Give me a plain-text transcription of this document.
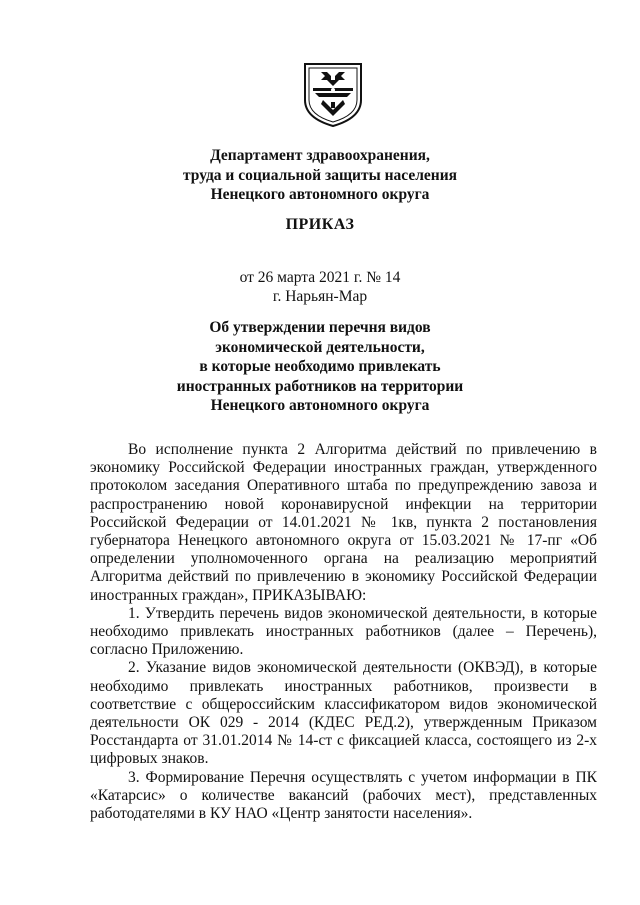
Департамент здравоохранения,
труда и социальной защиты населения
Ненецкого автономного округа
ПРИКАЗ
от 26 марта 2021 г. № 14
г. Нарьян-Мар
Об утверждении перечня видов
экономической деятельности,
в которые необходимо привлекать
иностранных работников на территории
Ненецкого автономного округа

Во исполнение пункта 2 Алгоритма действий по привлечению в экономику Российской Федерации иностранных граждан, утвержденного протоколом заседания Оперативного штаба по предупреждению завоза и распространению новой коронавирусной инфекции на территории Российской Федерации от 14.01.2021 № 1кв, пункта 2 постановления губернатора Ненецкого автономного округа от 15.03.2021 № 17-пг «Об определении уполномоченного органа на реализацию мероприятий Алгоритма действий по привлечению в экономику Российской Федерации иностранных граждан», ПРИКАЗЫВАЮ:

1. Утвердить перечень видов экономической деятельности, в которые необходимо привлекать иностранных работников (далее – Перечень), согласно Приложению.

2. Указание видов экономической деятельности (ОКВЭД), в которые необходимо привлекать иностранных работников, произвести в соответствие с общероссийским классификатором видов экономической деятельности ОК 029 - 2014 (КДЕС РЕД.2), утвержденным Приказом Росстандарта от 31.01.2014 № 14-ст с фиксацией класса, состоящего из 2-х цифровых знаков.

3. Формирование Перечня осуществлять с учетом информации в ПК «Катарсис» о количестве вакансий (рабочих мест), представленных работодателями в КУ НАО «Центр занятости населения».
